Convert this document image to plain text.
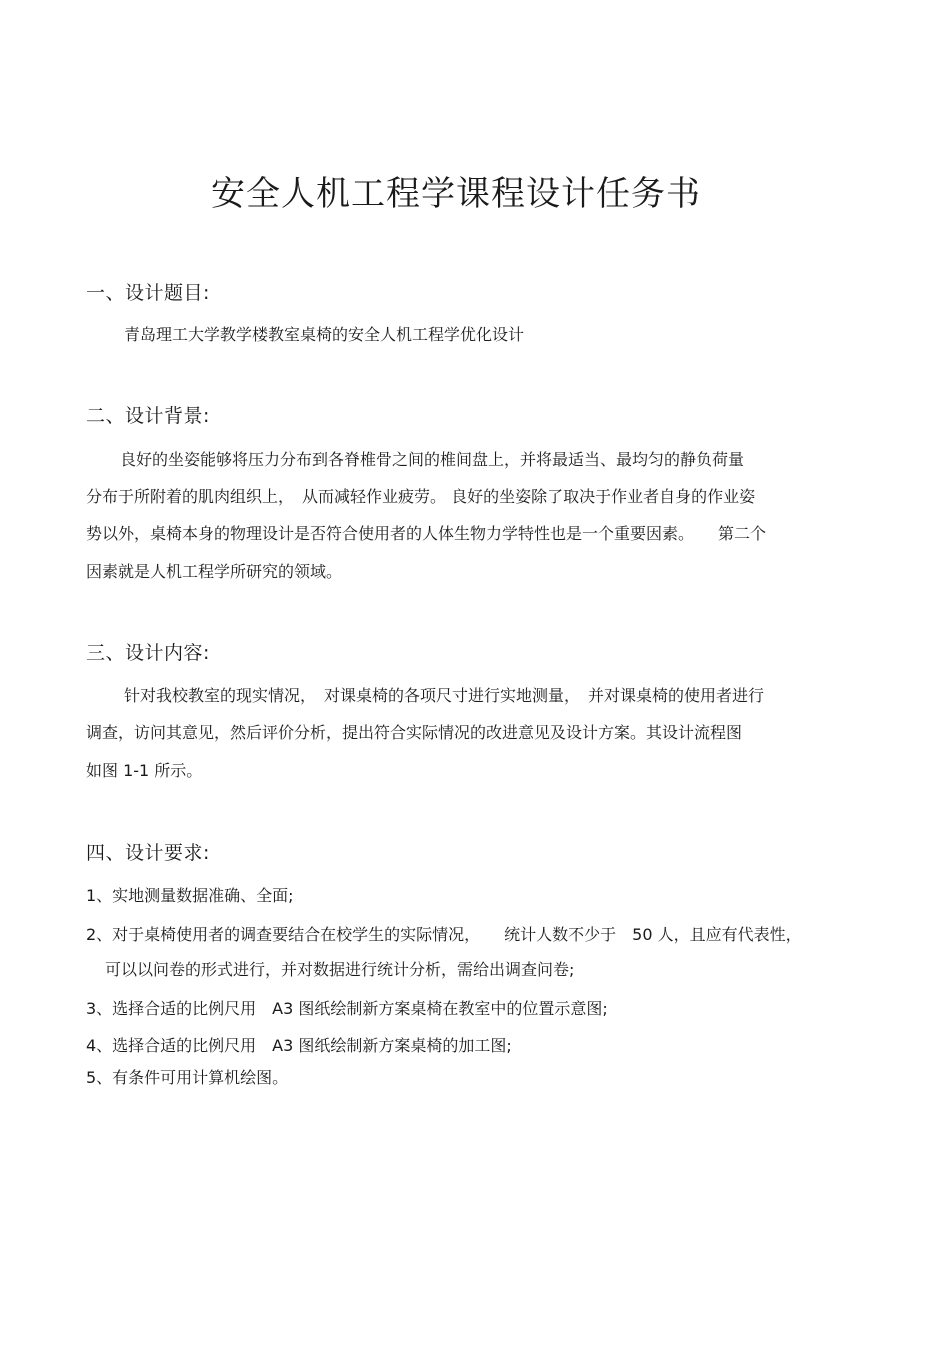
安全人机工程学课程设计任务书
一、设计题目:

青岛理工大学教学楼教室桌椅的安全人机工程学优化设计

二、设计背景:

良好的坐姿能够将压力分布到各脊椎骨之间的椎间盘上，并将最适当、最均匀的静负荷量

分布于所附着的肌肉组织上，　从而减轻作业疲劳。 良好的坐姿除了取决于作业者自身的作业姿

势以外，桌椅本身的物理设计是否符合使用者的人体生物力学特性也是一个重要因素。　　第二个

因素就是人机工程学所研究的领域。

三、设计内容:

针对我校教室的现实情况，　对课桌椅的各项尺寸进行实地测量，　并对课桌椅的使用者进行

调查，访问其意见，然后评价分析，提出符合实际情况的改进意见及设计方案。其设计流程图

如图 1-1 所示。

四、设计要求:

1、实地测量数据准确、全面;

2、对于桌椅使用者的调查要结合在校学生的实际情况，　　统计人数不少于　50 人，且应有代表性，

可以以问卷的形式进行，并对数据进行统计分析，需给出调查问卷;

3、选择合适的比例尺用　A3 图纸绘制新方案桌椅在教室中的位置示意图;

4、选择合适的比例尺用　A3 图纸绘制新方案桌椅的加工图;

5、有条件可用计算机绘图。
